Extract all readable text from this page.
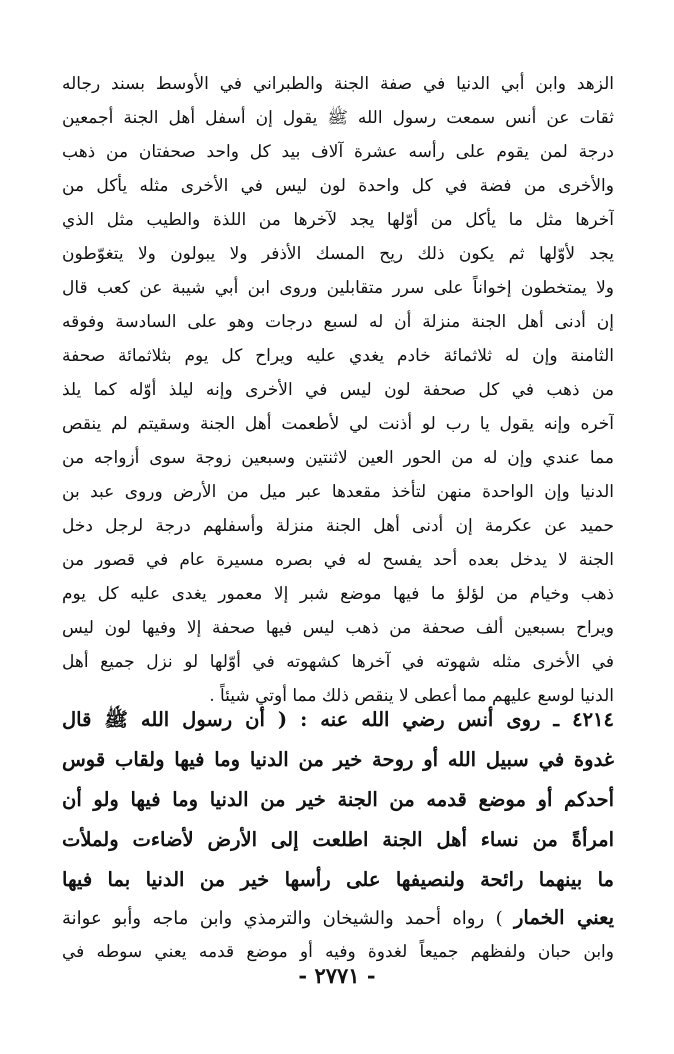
الزهد وابن أبي الدنيا في صفة الجنة والطبراني في الأوسط بسند رجاله
ثقات عن أنس سمعت رسول الله ﷺ يقول إن أسفل أهل الجنة أجمعين
درجة لمن يقوم على رأسه عشرة آلاف بيد كل واحد صحفتان من ذهب
والأخرى من فضة في كل واحدة لون ليس في الأخرى مثله يأكل من
آخرها مثل ما يأكل من أوّلها يجد لآخرها من اللذة والطيب مثل الذي
يجد لأوّلها ثم يكون ذلك ريح المسك الأذفر ولا يبولون ولا يتغوّطون
ولا يمتخطون إخواناً على سرر متقابلين وروى ابن أبي شيبة عن كعب قال
إن أدنى أهل الجنة منزلة أن له لسبع درجات وهو على السادسة وفوقه
الثامنة وإن له ثلاثمائة خادم يغدي عليه ويراح كل يوم بثلاثمائة صحفة
من ذهب في كل صحفة لون ليس في الأخرى وإنه ليلذ أوّله كما يلذ
آخره وإنه يقول يا رب لو أذنت لي لأطعمت أهل الجنة وسقيتم لم ينقص
مما عندي وإن له من الحور العين لاثنتين وسبعين زوجة سوى أزواجه من
الدنيا وإن الواحدة منهن لتأخذ مقعدها عبر ميل من الأرض وروى عبد بن
حميد عن عكرمة إن أدنى أهل الجنة منزلة وأسفلهم درجة لرجل دخل
الجنة لا يدخل بعده أحد يفسح له في بصره مسيرة عام في قصور من
ذهب وخيام من لؤلؤ ما فيها موضع شبر إلا معمور يغدى عليه كل يوم
ويراح بسبعين ألف صحفة من ذهب ليس فيها صحفة إلا وفيها لون ليس
في الأخرى مثله شهوته في آخرها كشهوته في أوّلها لو نزل جميع أهل
الدنيا لوسع عليهم مما أعطى لا ينقص ذلك مما أوتي شيئاً .
٤٢١٤ ـ روى أنس رضي الله عنه : ( أن رسول الله ﷺ قال
غدوة في سبيل الله أو روحة خير من الدنيا وما فيها ولقاب قوس
أحدكم أو موضع قدمه من الجنة خير من الدنيا وما فيها ولو أن
امرأةً من نساء أهل الجنة اطلعت إلى الأرض لأضاءت ولملأت
ما بينهما رائحة ولنصيفها على رأسها خير من الدنيا بما فيها
يعني الخمار ) رواه أحمد والشيخان والترمذي وابن ماجه وأبو عوانة
وابن حبان ولفظهم جميعاً لغدوة وفيه أو موضع قدمه يعني سوطه في
- ٢٧٧١ -
